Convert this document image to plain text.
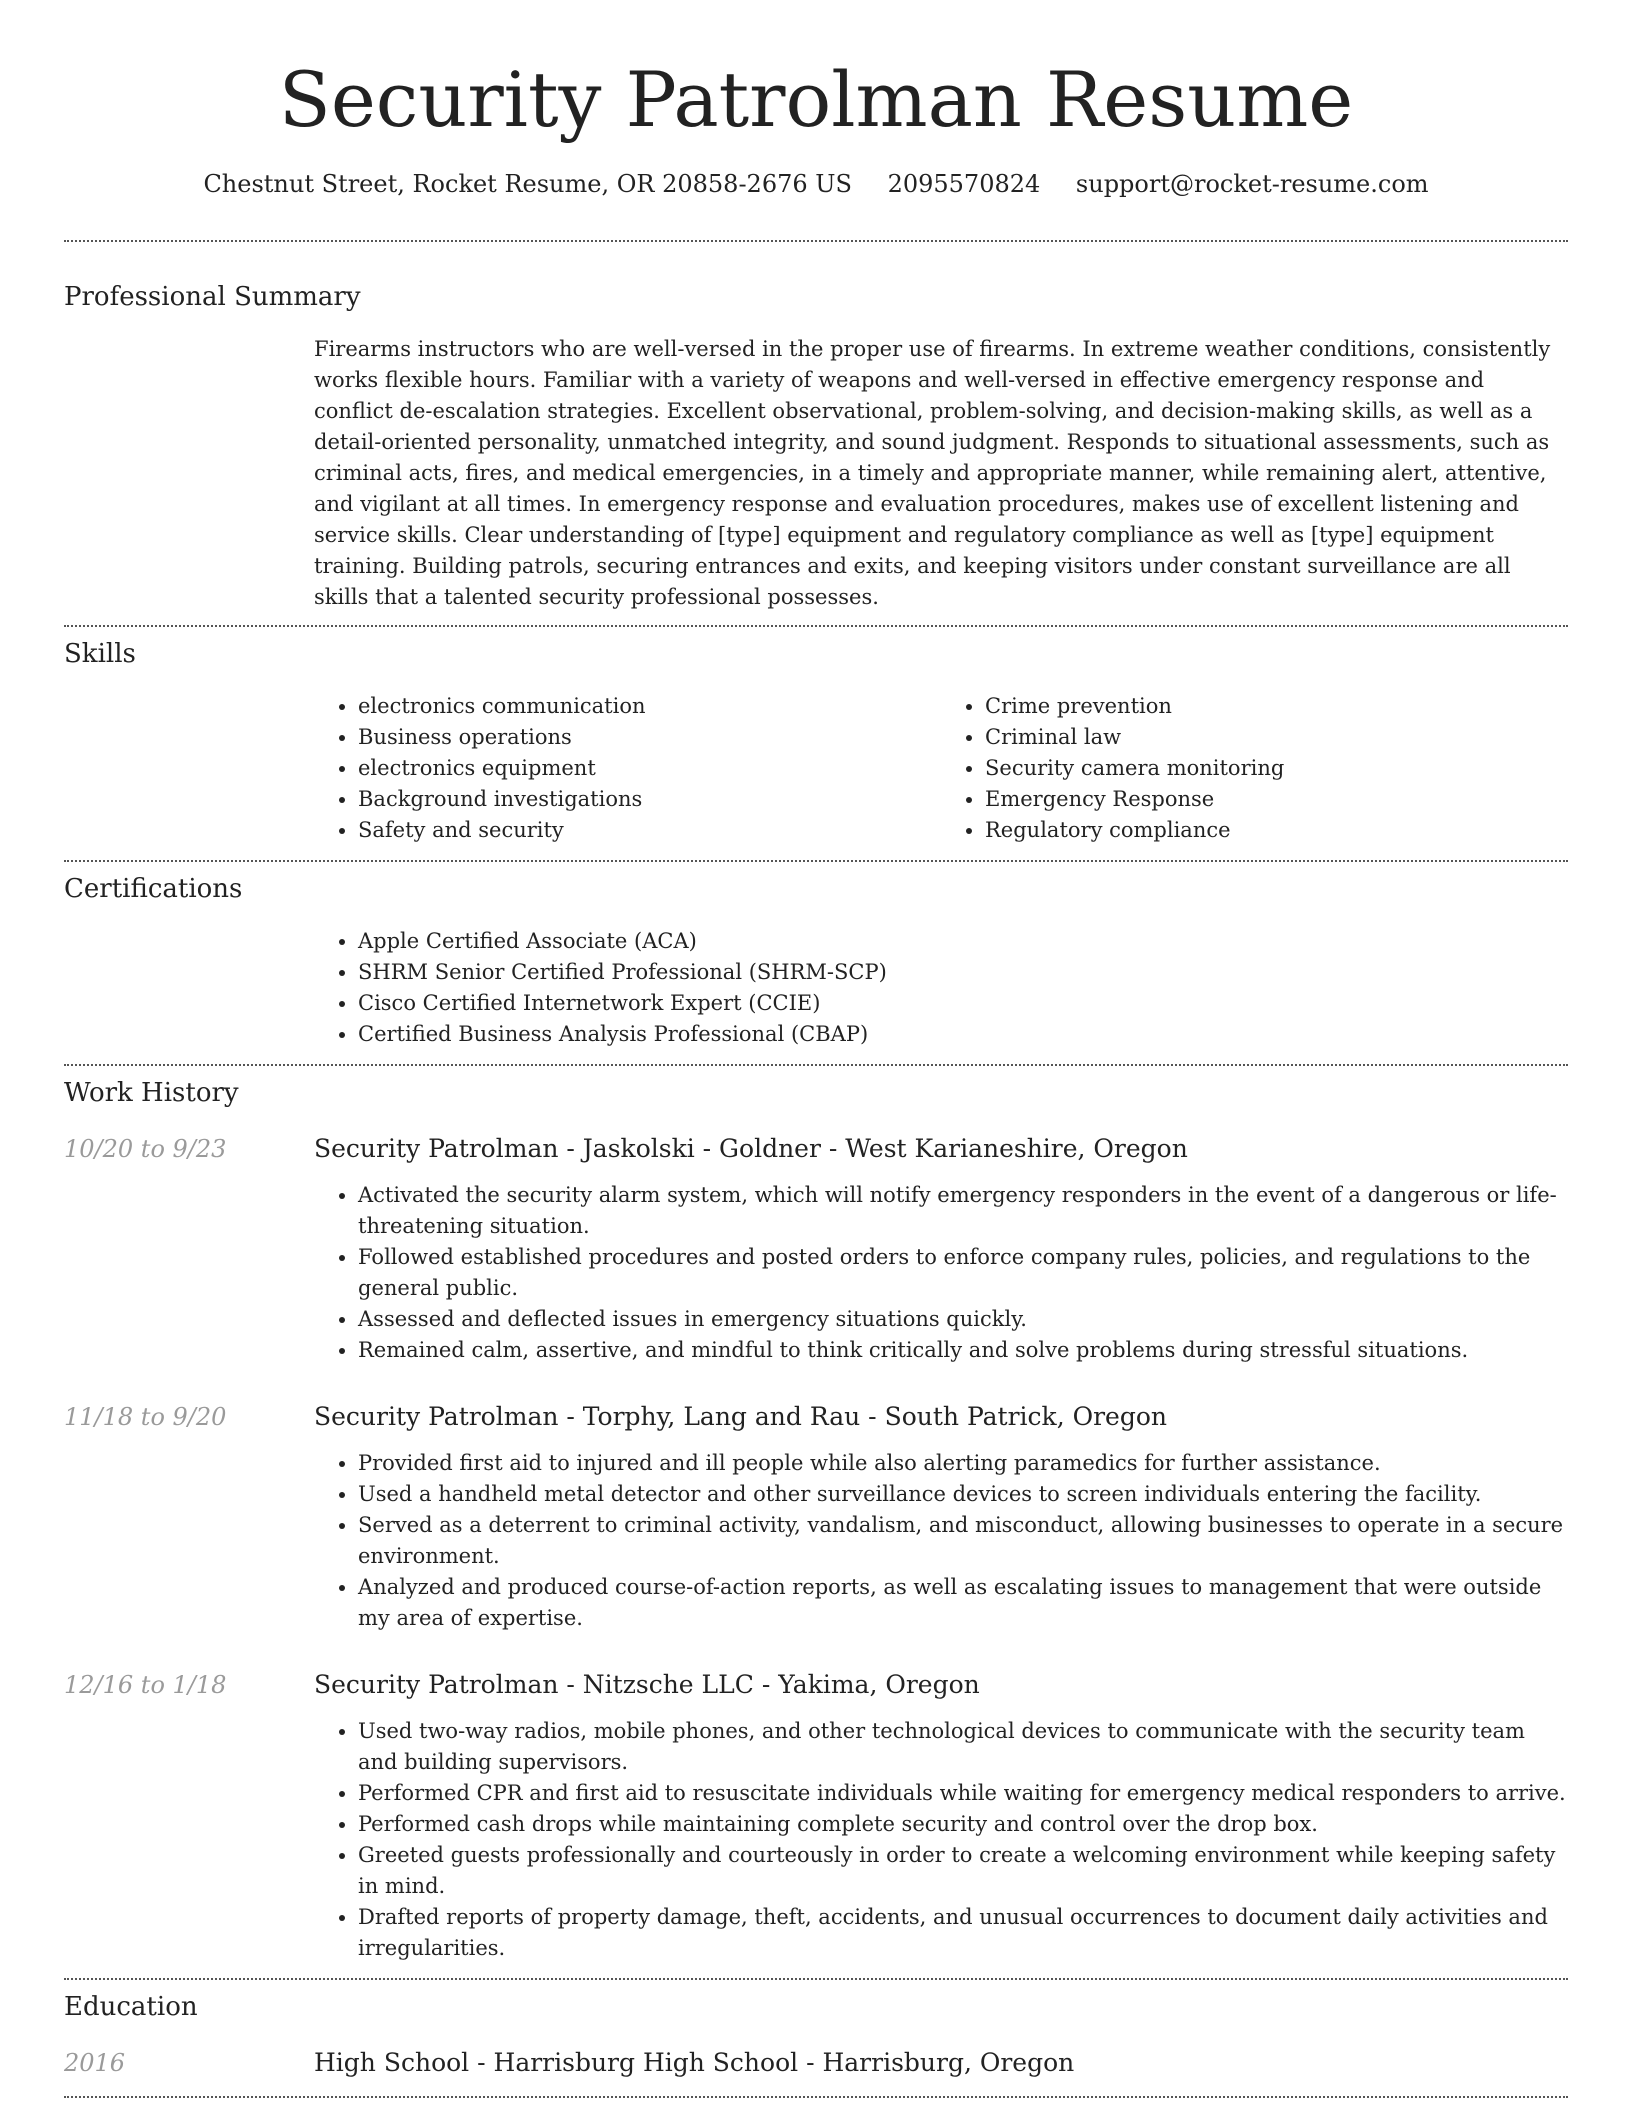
Security Patrolman Resume
Chestnut Street, Rocket Resume, OR 20858-2676 US 2095570824 support@rocket-resume.com
Professional Summary

Firearms instructors who are well-versed in the proper use of firearms. In extreme weather conditions, consistently works flexible hours. Familiar with a variety of weapons and well-versed in effective emergency response and conflict de-escalation strategies. Excellent observational, problem-solving, and decision-making skills, as well as a detail-oriented personality, unmatched integrity, and sound judgment. Responds to situational assessments, such as criminal acts, fires, and medical emergencies, in a timely and appropriate manner, while remaining alert, attentive, and vigilant at all times. In emergency response and evaluation procedures, makes use of excellent listening and service skills. Clear understanding of [type] equipment and regulatory compliance as well as [type] equipment training. Building patrols, securing entrances and exits, and keeping visitors under constant surveillance are all skills that a talented security professional possesses.

Skills
• electronics communication
• Business operations
• electronics equipment
• Background investigations
• Safety and security
• Crime prevention
• Criminal law
• Security camera monitoring
• Emergency Response
• Regulatory compliance
Certifications
• Apple Certified Associate (ACA)
• SHRM Senior Certified Professional (SHRM-SCP)
• Cisco Certified Internetwork Expert (CCIE)
• Certified Business Analysis Professional (CBAP)
Work History
10/20 to 9/23	Security Patrolman - Jaskolski - Goldner - West Karianeshire, Oregon
• Activated the security alarm system, which will notify emergency responders in the event of a dangerous or life-threatening situation.
• Followed established procedures and posted orders to enforce company rules, policies, and regulations to the general public.
• Assessed and deflected issues in emergency situations quickly.
• Remained calm, assertive, and mindful to think critically and solve problems during stressful situations.
11/18 to 9/20	Security Patrolman - Torphy, Lang and Rau - South Patrick, Oregon
• Provided first aid to injured and ill people while also alerting paramedics for further assistance.
• Used a handheld metal detector and other surveillance devices to screen individuals entering the facility.
• Served as a deterrent to criminal activity, vandalism, and misconduct, allowing businesses to operate in a secure environment.
• Analyzed and produced course-of-action reports, as well as escalating issues to management that were outside my area of expertise.
12/16 to 1/18	Security Patrolman - Nitzsche LLC - Yakima, Oregon
• Used two-way radios, mobile phones, and other technological devices to communicate with the security team and building supervisors.
• Performed CPR and first aid to resuscitate individuals while waiting for emergency medical responders to arrive.
• Performed cash drops while maintaining complete security and control over the drop box.
• Greeted guests professionally and courteously in order to create a welcoming environment while keeping safety in mind.
• Drafted reports of property damage, theft, accidents, and unusual occurrences to document daily activities and irregularities.
Education
2016	High School - Harrisburg High School - Harrisburg, Oregon
